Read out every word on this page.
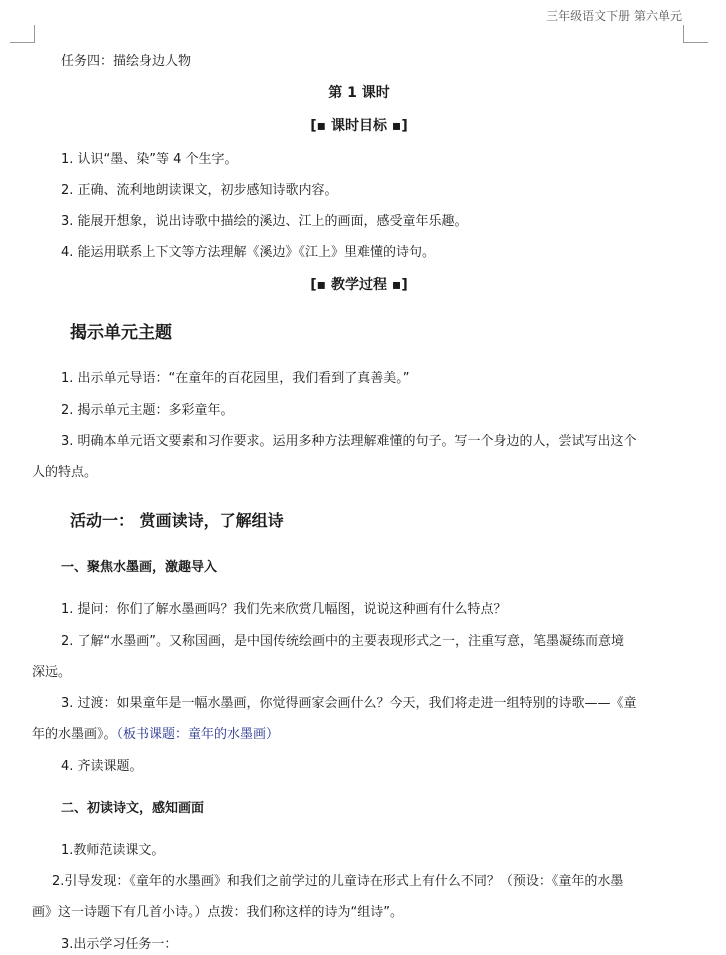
三年级语文下册 第六单元
任务四：描绘身边人物
第 1 课时
[▪ 课时目标 ▪]
1. 认识“墨、染”等 4 个生字。
2. 正确、流利地朗读课文，初步感知诗歌内容。
3. 能展开想象，说出诗歌中描绘的溪边、江上的画面，感受童年乐趣。
4. 能运用联系上下文等方法理解《溪边》《江上》里难懂的诗句。
[▪ 教学过程 ▪]
揭示单元主题
1. 出示单元导语：“在童年的百花园里，我们看到了真善美。”
2. 揭示单元主题：多彩童年。
3. 明确本单元语文要素和习作要求。运用多种方法理解难懂的句子。写一个身边的人，尝试写出这个
人的特点。
活动一： 赏画读诗，了解组诗
一、聚焦水墨画，激趣导入
1. 提问：你们了解水墨画吗？我们先来欣赏几幅图，说说这种画有什么特点？
2. 了解“水墨画”。又称国画，是中国传统绘画中的主要表现形式之一，注重写意，笔墨凝练而意境
深远。
3. 过渡：如果童年是一幅水墨画，你觉得画家会画什么？今天，我们将走进一组特别的诗歌——《童
年的水墨画》。（板书课题：童年的水墨画）
4. 齐读课题。
二、初读诗文，感知画面
1.教师范读课文。
2.引导发现：《童年的水墨画》和我们之前学过的儿童诗在形式上有什么不同？（预设：《童年的水墨
画》这一诗题下有几首小诗。）点拨：我们称这样的诗为“组诗”。
3.出示学习任务一：
